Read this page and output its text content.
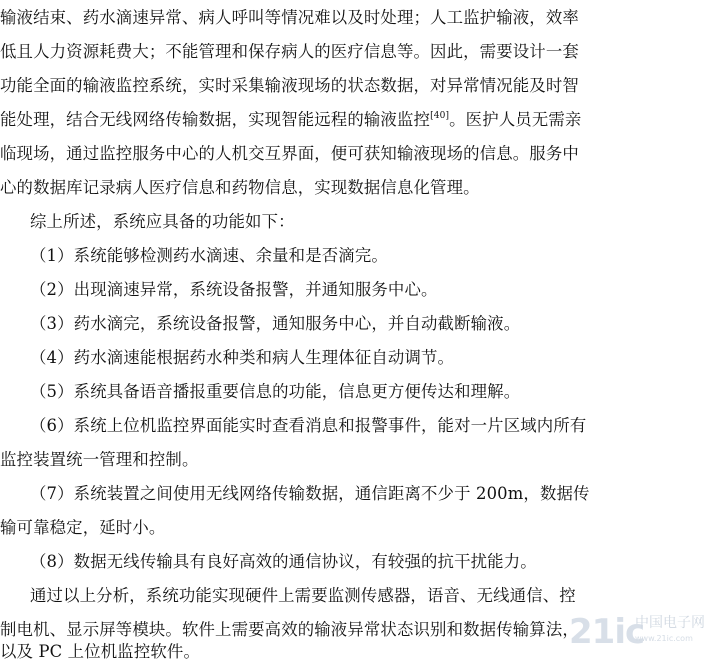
输液结束、药水滴速异常、病人呼叫等情况难以及时处理；人工监护输液，效率
低且人力资源耗费大；不能管理和保存病人的医疗信息等。因此，需要设计一套
功能全面的输液监控系统，实时采集输液现场的状态数据，对异常情况能及时智
能处理，结合无线网络传输数据，实现智能远程的输液监控[40]。医护人员无需亲
临现场，通过监控服务中心的人机交互界面，便可获知输液现场的信息。服务中
心的数据库记录病人医疗信息和药物信息，实现数据信息化管理。
综上所述，系统应具备的功能如下：
（1）系统能够检测药水滴速、余量和是否滴完。
（2）出现滴速异常，系统设备报警，并通知服务中心。
（3）药水滴完，系统设备报警，通知服务中心，并自动截断输液。
（4）药水滴速能根据药水种类和病人生理体征自动调节。
（5）系统具备语音播报重要信息的功能，信息更方便传达和理解。
（6）系统上位机监控界面能实时查看消息和报警事件，能对一片区域内所有
监控装置统一管理和控制。
（7）系统装置之间使用无线网络传输数据，通信距离不少于 200m，数据传
输可靠稳定，延时小。
（8）数据无线传输具有良好高效的通信协议，有较强的抗干扰能力。
通过以上分析，系统功能实现硬件上需要监测传感器，语音、无线通信、控
制电机、显示屏等模块。软件上需要高效的输液异常状态识别和数据传输算法，
以及 PC 上位机监控软件。	21ic
中国电子网
www.21ic.com
